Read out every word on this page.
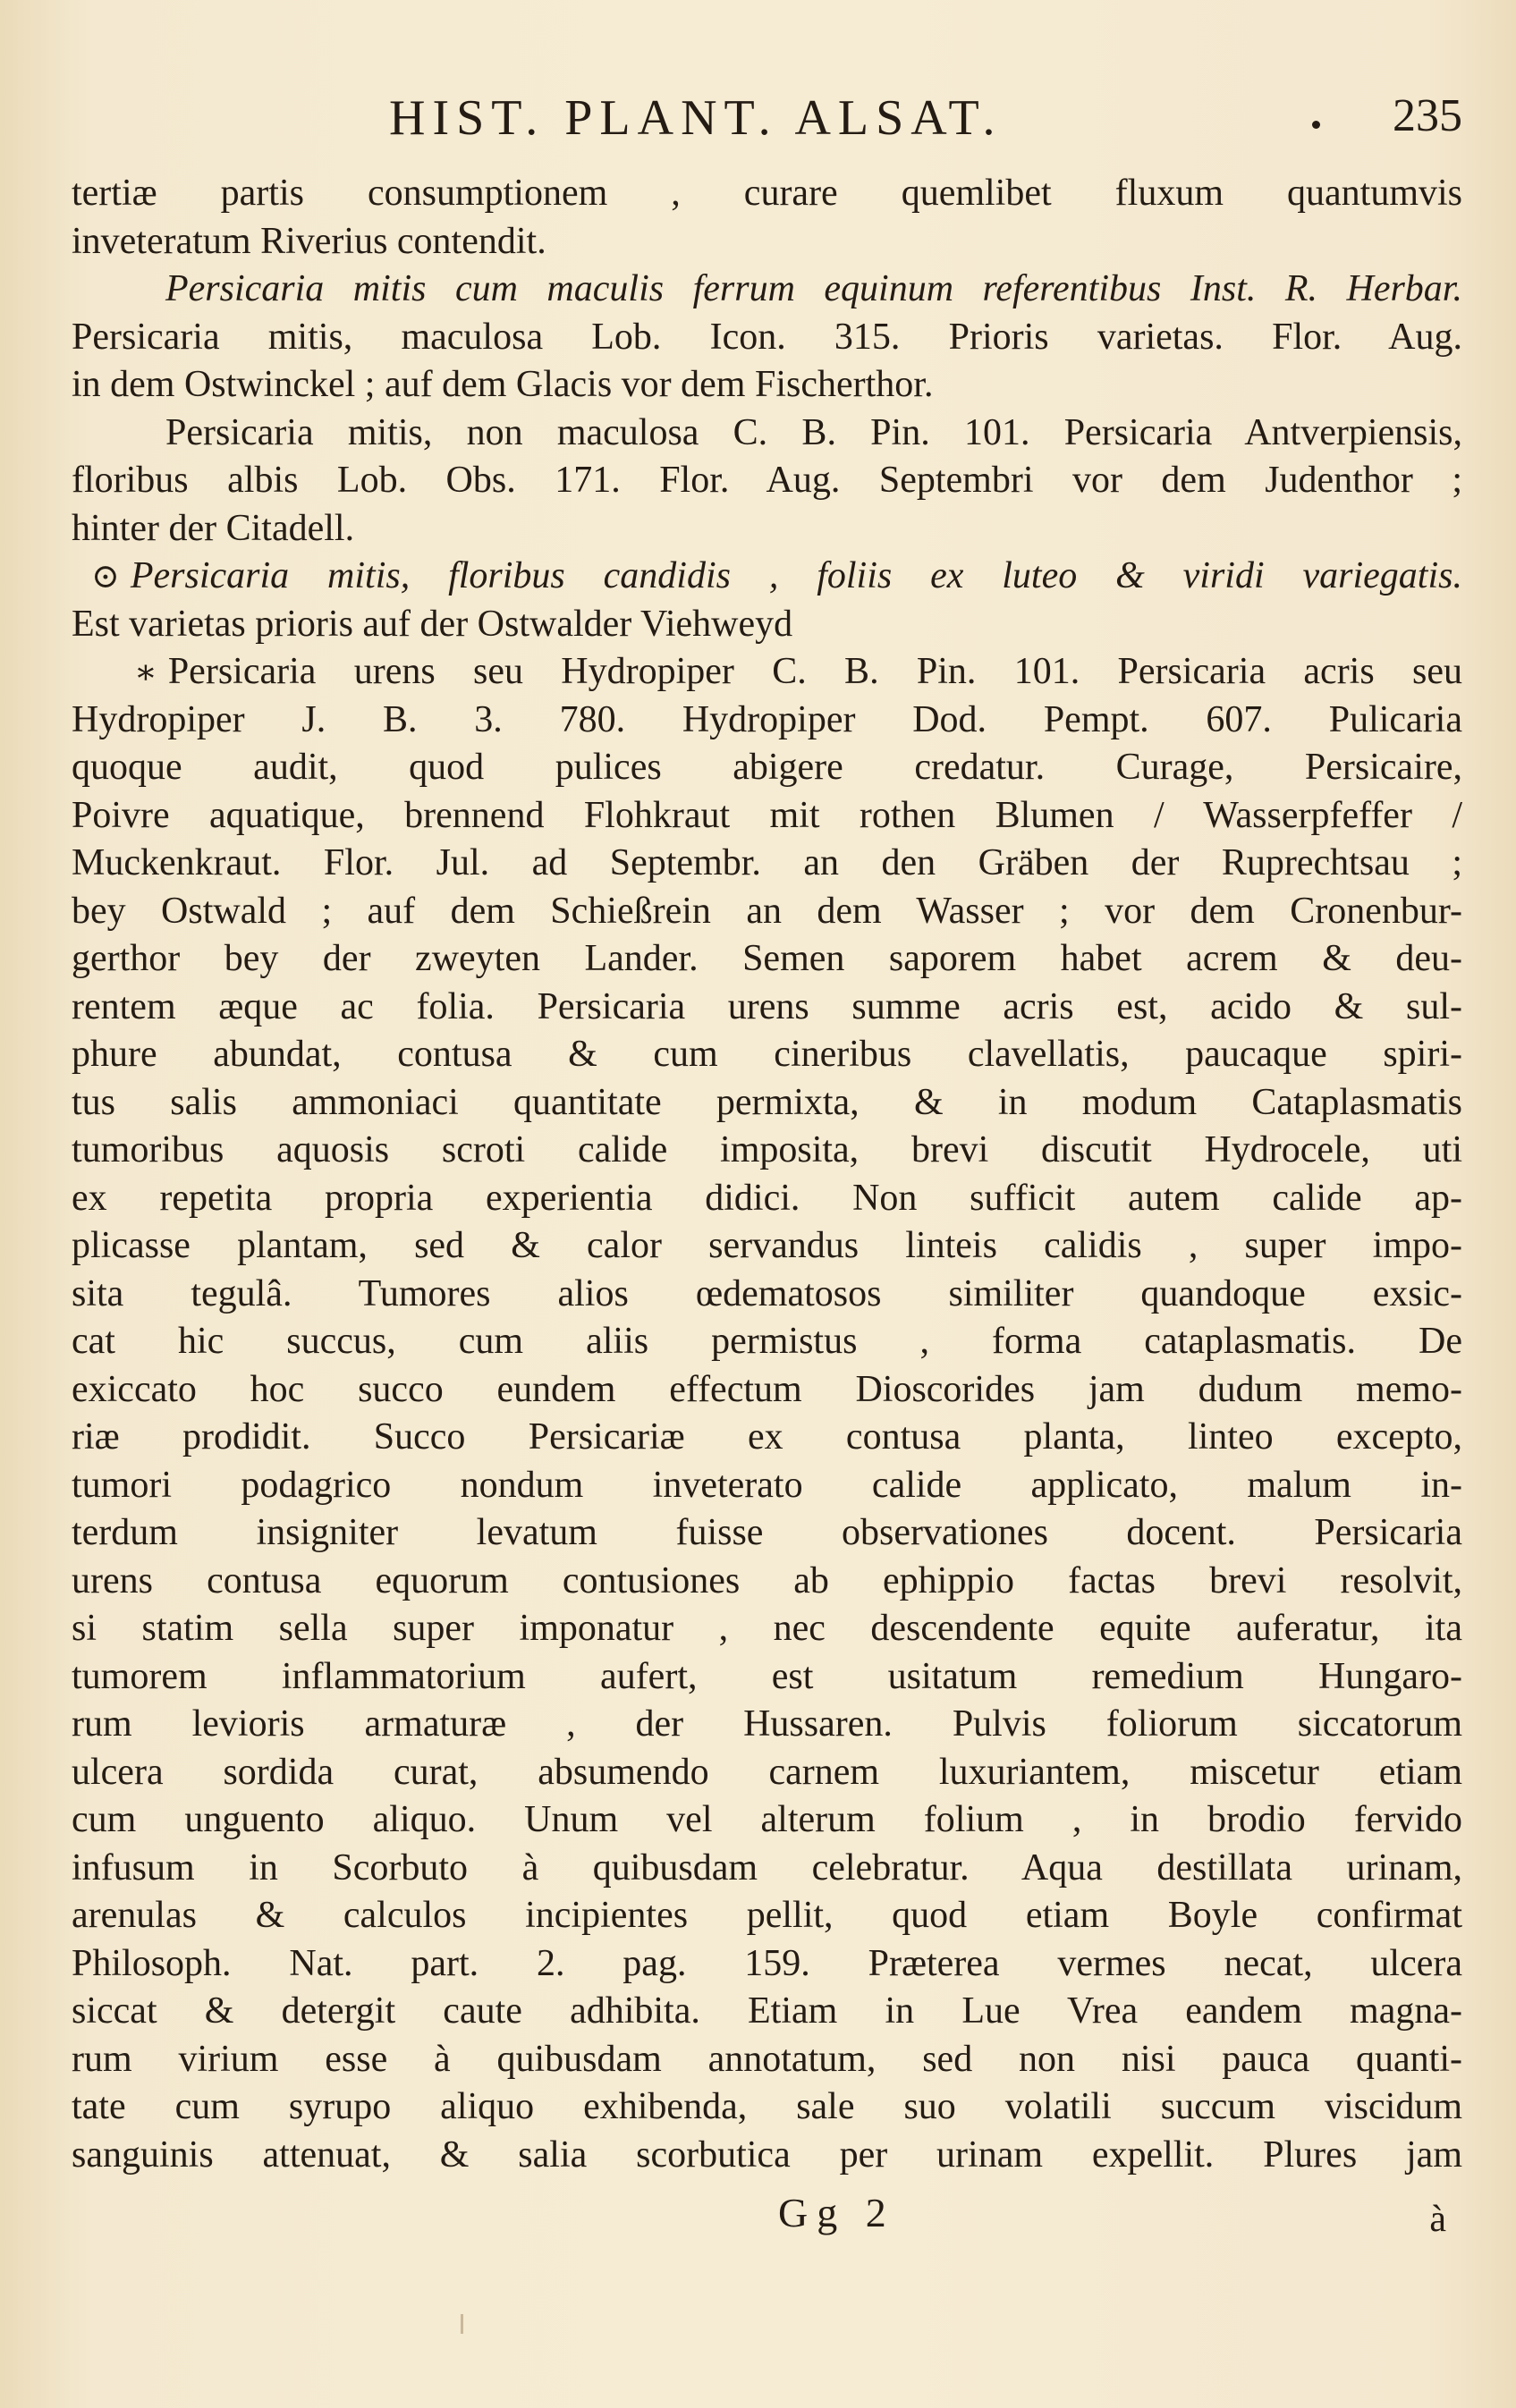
HIST. PLANT. ALSAT.	235
tertiæ partis consumptionem , curare quemlibet fluxum quantumvis
inveteratum Riverius contendit.
Persicaria mitis cum maculis ferrum equinum referentibus Inst. R. Herbar.
Persicaria mitis, maculosa Lob. Icon. 315. Prioris varietas. Flor. Aug.
in dem Ostwinckel ; auf dem Glacis vor dem Fischerthor.
Persicaria mitis, non maculosa C. B. Pin. 101. Persicaria Antverpiensis,
floribus albis Lob. Obs. 171. Flor. Aug. Septembri vor dem Judenthor ;
hinter der Citadell.
⊙ Persicaria mitis, floribus candidis , foliis ex luteo & viridi variegatis.
Est varietas prioris auf der Ostwalder Viehweyd
∗ Persicaria urens seu Hydropiper C. B. Pin. 101. Persicaria acris seu
Hydropiper J. B. 3. 780. Hydropiper Dod. Pempt. 607. Pulicaria
quoque audit, quod pulices abigere credatur. Curage, Persicaire,
Poivre aquatique, brennend Flohkraut mit rothen Blumen / Wasserpfeffer /
Muckenkraut. Flor. Jul. ad Septembr. an den Gräben der Ruprechtsau ;
bey Ostwald ; auf dem Schießrein an dem Wasser ; vor dem Cronenbur-
gerthor bey der zweyten Lander. Semen saporem habet acrem & deu-
rentem æque ac folia. Persicaria urens summe acris est, acido & sul-
phure abundat, contusa & cum cineribus clavellatis, paucaque spiri-
tus salis ammoniaci quantitate permixta, & in modum Cataplasmatis
tumoribus aquosis scroti calide imposita, brevi discutit Hydrocele, uti
ex repetita propria experientia didici. Non sufficit autem calide ap-
plicasse plantam, sed & calor servandus linteis calidis , super impo-
sita tegulâ. Tumores alios œdematosos similiter quandoque exsic-
cat hic succus, cum aliis permistus , forma cataplasmatis. De
exiccato hoc succo eundem effectum Dioscorides jam dudum memo-
riæ prodidit. Succo Persicariæ ex contusa planta, linteo excepto,
tumori podagrico nondum inveterato calide applicato, malum in-
terdum insigniter levatum fuisse observationes docent. Persicaria
urens contusa equorum contusiones ab ephippio factas brevi resolvit,
si statim sella super imponatur , nec descendente equite auferatur, ita
tumorem inflammatorium aufert, est usitatum remedium Hungaro-
rum levioris armaturæ , der Hussaren. Pulvis foliorum siccatorum
ulcera sordida curat, absumendo carnem luxuriantem, miscetur etiam
cum unguento aliquo. Unum vel alterum folium , in brodio fervido
infusum in Scorbuto à quibusdam celebratur. Aqua destillata urinam,
arenulas & calculos incipientes pellit, quod etiam Boyle confirmat
Philosoph. Nat. part. 2. pag. 159. Præterea vermes necat, ulcera
siccat & detergit caute adhibita. Etiam in Lue Vrea eandem magna-
rum virium esse à quibusdam annotatum, sed non nisi pauca quanti-
tate cum syrupo aliquo exhibenda, sale suo volatili succum viscidum
sanguinis attenuat, & salia scorbutica per urinam expellit. Plures jam
Gg 2	à
